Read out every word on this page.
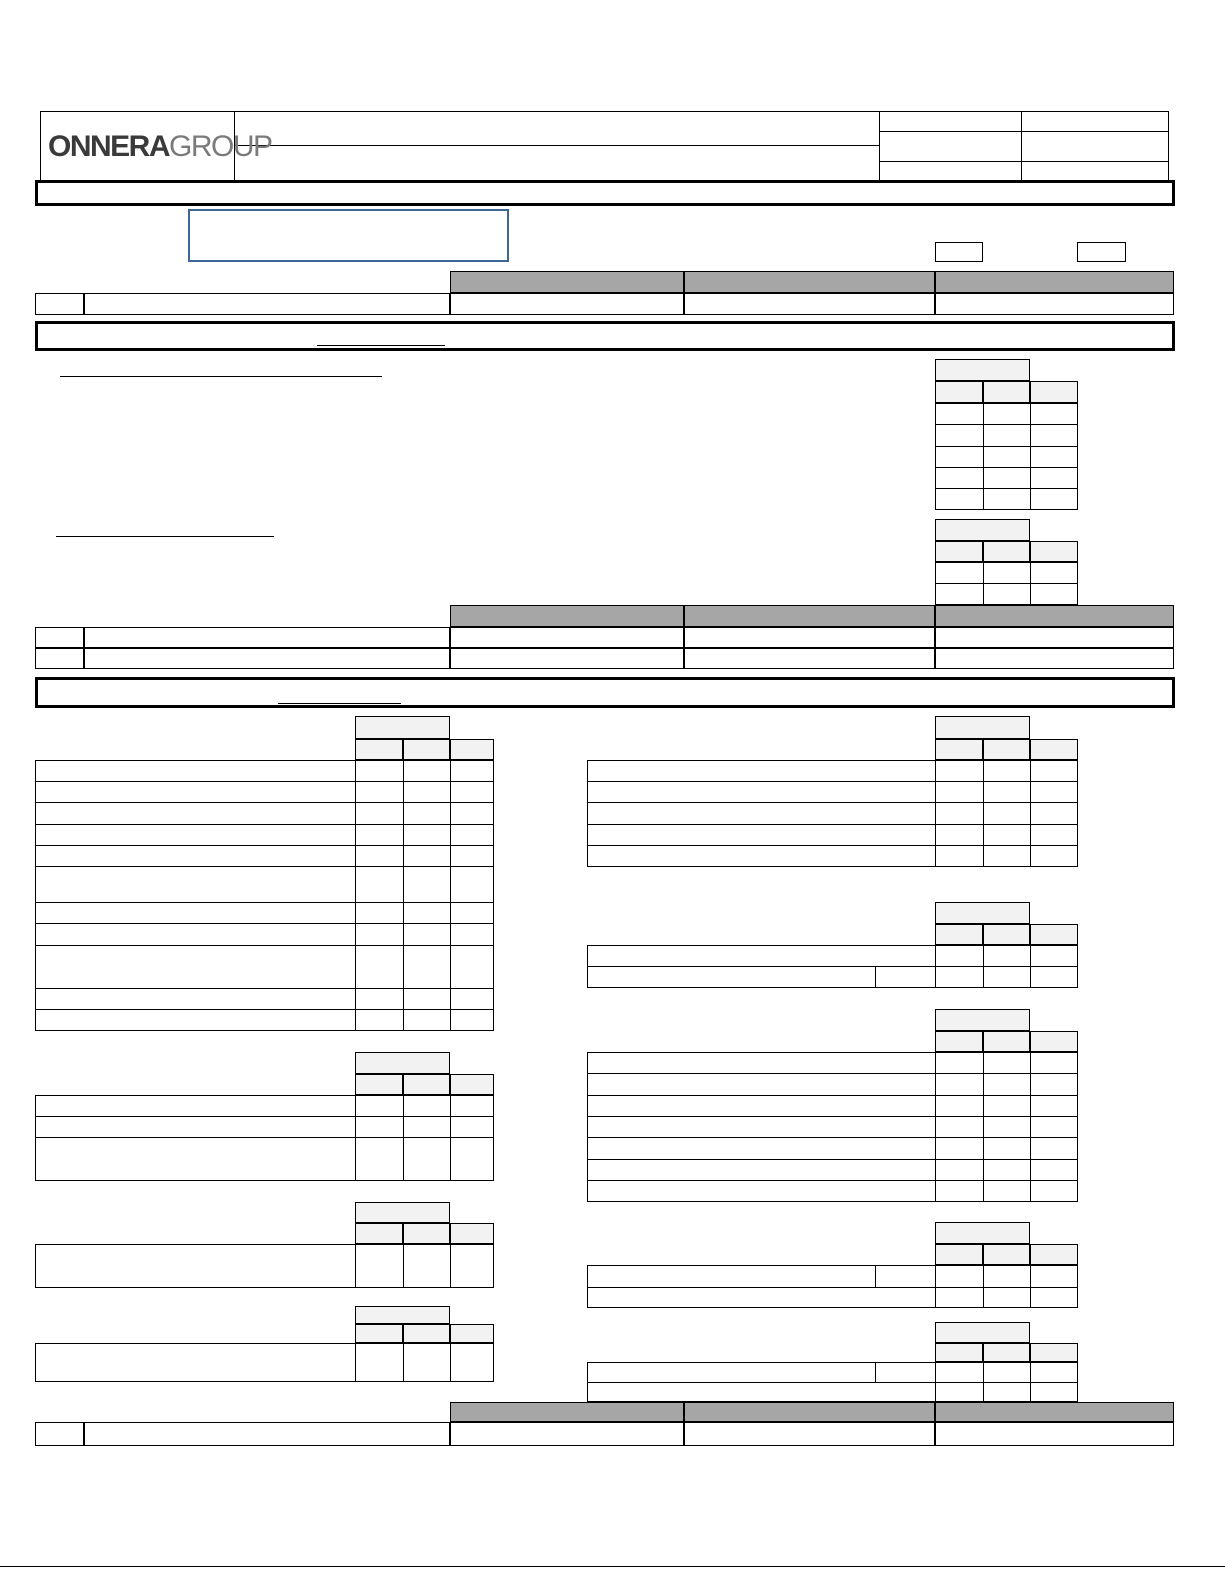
ONNERAGROUP
